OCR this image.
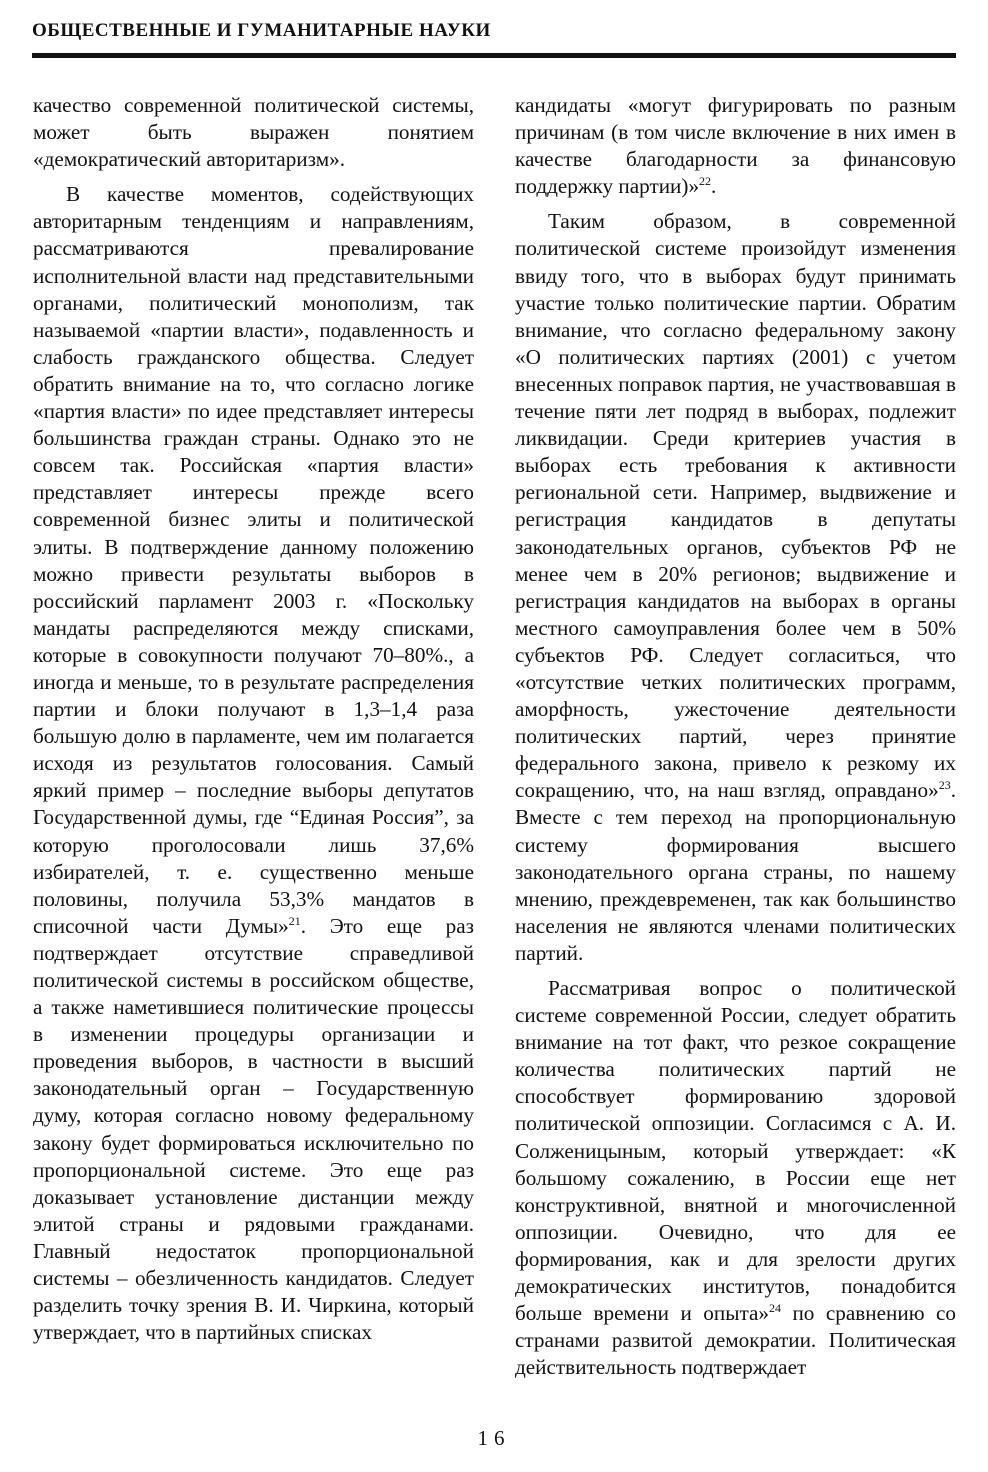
ОБЩЕСТВЕННЫЕ И ГУМАНИТАРНЫЕ НАУКИ

качество современной политической системы, может быть выражен понятием «демократический авторитаризм».

В качестве моментов, содействующих авторитарным тенденциям и направлениям, рассматриваются превалирование исполнительной власти над представительными органами, политический монополизм, так называемой «партии власти», подавленность и слабость гражданского общества. Следует обратить внимание на то, что согласно логике «партия власти» по идее представляет интересы большинства граждан страны. Однако это не совсем так. Российская «партия власти» представляет интересы прежде всего современной бизнес элиты и политической элиты. В подтверждение данному положению можно привести результаты выборов в российский парламент 2003 г. «Поскольку мандаты распределяются между списками, которые в совокупности получают 70–80%., а иногда и меньше, то в результате распределения партии и блоки получают в 1,3–1,4 раза большую долю в парламенте, чем им полагается исходя из результатов голосования. Самый яркий пример – последние выборы депутатов Государственной думы, где “Единая Россия”, за которую проголосовали лишь 37,6% избирателей, т. е. существенно меньше половины, получила 53,3% мандатов в списочной части Думы»$^{21}$. Это еще раз подтверждает отсутствие справедливой политической системы в российском обществе, а также наметившиеся политические процессы в изменении процедуры организации и проведения выборов, в частности в высший законодательный орган – Государственную думу, которая согласно новому федеральному закону будет формироваться исключительно по пропорциональной системе. Это еще раз доказывает установление дистанции между элитой страны и рядовыми гражданами. Главный недостаток пропорциональной системы – обезличенность кандидатов. Следует разделить точку зрения В. И. Чиркина, который утверждает, что в партийных списках

кандидаты «могут фигурировать по разным причинам (в том числе включение в них имен в качестве благодарности за финансовую поддержку партии)»$^{22}$.

Таким образом, в современной политической системе произойдут изменения ввиду того, что в выборах будут принимать участие только политические партии. Обратим внимание, что согласно федеральному закону «О политических партиях (2001) с учетом внесенных поправок партия, не участвовавшая в течение пяти лет подряд в выборах, подлежит ликвидации. Среди критериев участия в выборах есть требования к активности региональной сети. Например, выдвижение и регистрация кандидатов в депутаты законодательных органов, субъектов РФ не менее чем в 20% регионов; выдвижение и регистрация кандидатов на выборах в органы местного самоуправления более чем в 50% субъектов РФ. Следует согласиться, что «отсутствие четких политических программ, аморфность, ужесточение деятельности политических партий, через принятие федерального закона, привело к резкому их сокращению, что, на наш взгляд, оправдано»$^{23}$. Вместе с тем переход на пропорциональную систему формирования высшего законодательного органа страны, по нашему мнению, преждевременен, так как большинство населения не являются членами политических партий.

Рассматривая вопрос о политической системе современной России, следует обратить внимание на тот факт, что резкое сокращение количества политических партий не способствует формированию здоровой политической оппозиции. Согласимся с А. И. Солженицыным, который утверждает: «К большому сожалению, в России еще нет конструктивной, внятной и многочисленной оппозиции. Очевидно, что для ее формирования, как и для зрелости других демократических институтов, понадобится больше времени и опыта»$^{24}$ по сравнению со странами развитой демократии. Политическая действительность подтверждает

16
